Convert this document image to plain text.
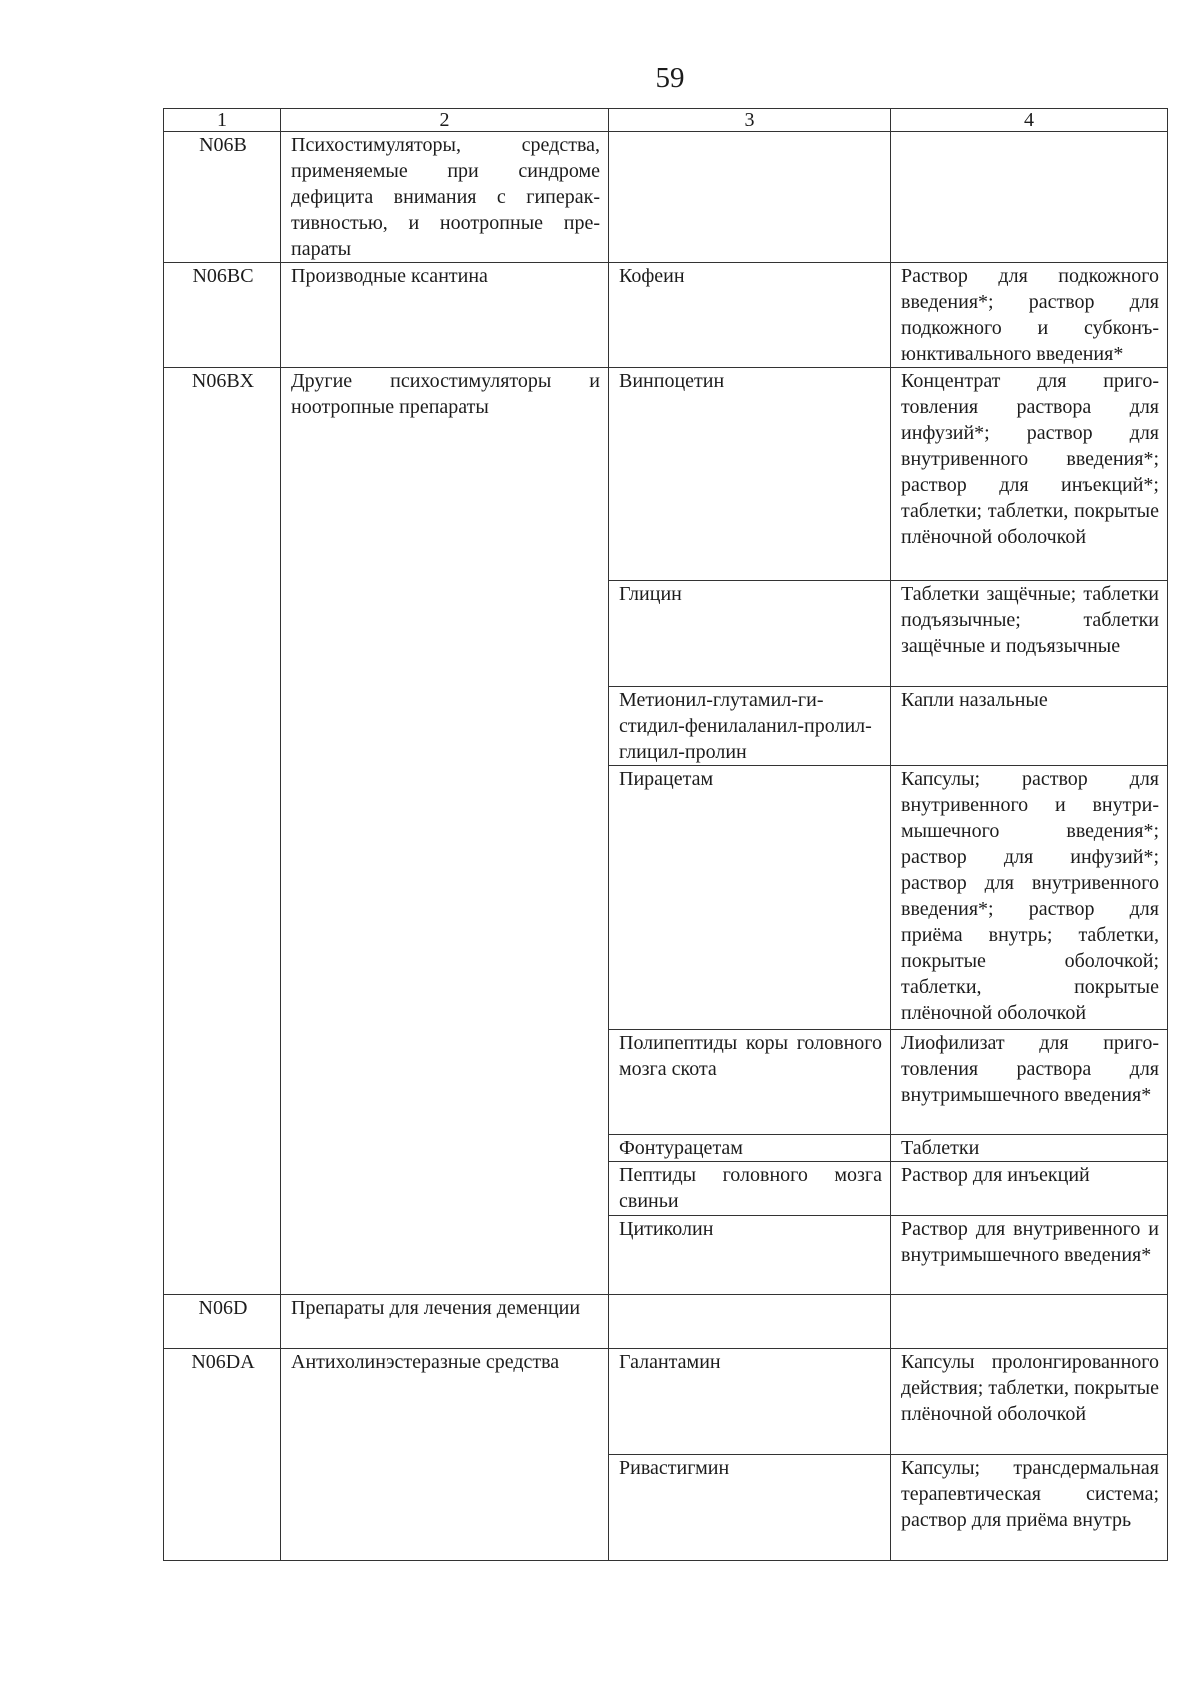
59
1	2	3	4
N06B	Психостимуляторы, средства, применяемые при синдроме дефицита внимания с гиперактивностью, и ноотропные препараты		
N06BC	Производные ксантина	Кофеин	Раствор для подкожного введения*; раствор для подкожного и субконъюнктивального введения*
N06BX	Другие психостимуляторы и ноотропные препараты	Винпоцетин	Концентрат для приготовления раствора для инфузий*; раствор для внутривенного введения*; раствор для инъекций*; таблетки; таблетки, покрытые плёночной оболочкой
		Глицин	Таблетки защёчные; таблетки подъязычные; таблетки защёчные и подъязычные
		Метионил-глутамил-гистидил-фенилаланил-пролил-глицил-пролин	Капли назальные
		Пирацетам	Капсулы; раствор для внутривенного и внутримышечного введения*; раствор для инфузий*; раствор для внутривенного введения*; раствор для приёма внутрь; таблетки, покрытые оболочкой; таблетки, покрытые плёночной оболочкой
		Полипептиды коры головного мозга скота	Лиофилизат для приготовления раствора для внутримышечного введения*
		Фонтурацетам	Таблетки
		Пептиды головного мозга свиньи	Раствор для инъекций
		Цитиколин	Раствор для внутривенного и внутримышечного введения*
N06D	Препараты для лечения деменции		
N06DA	Антихолинэстеразные средства	Галантамин	Капсулы пролонгированного действия; таблетки, покрытые плёночной оболочкой
		Ривастигмин	Капсулы; трансдермальная терапевтическая система; раствор для приёма внутрь
